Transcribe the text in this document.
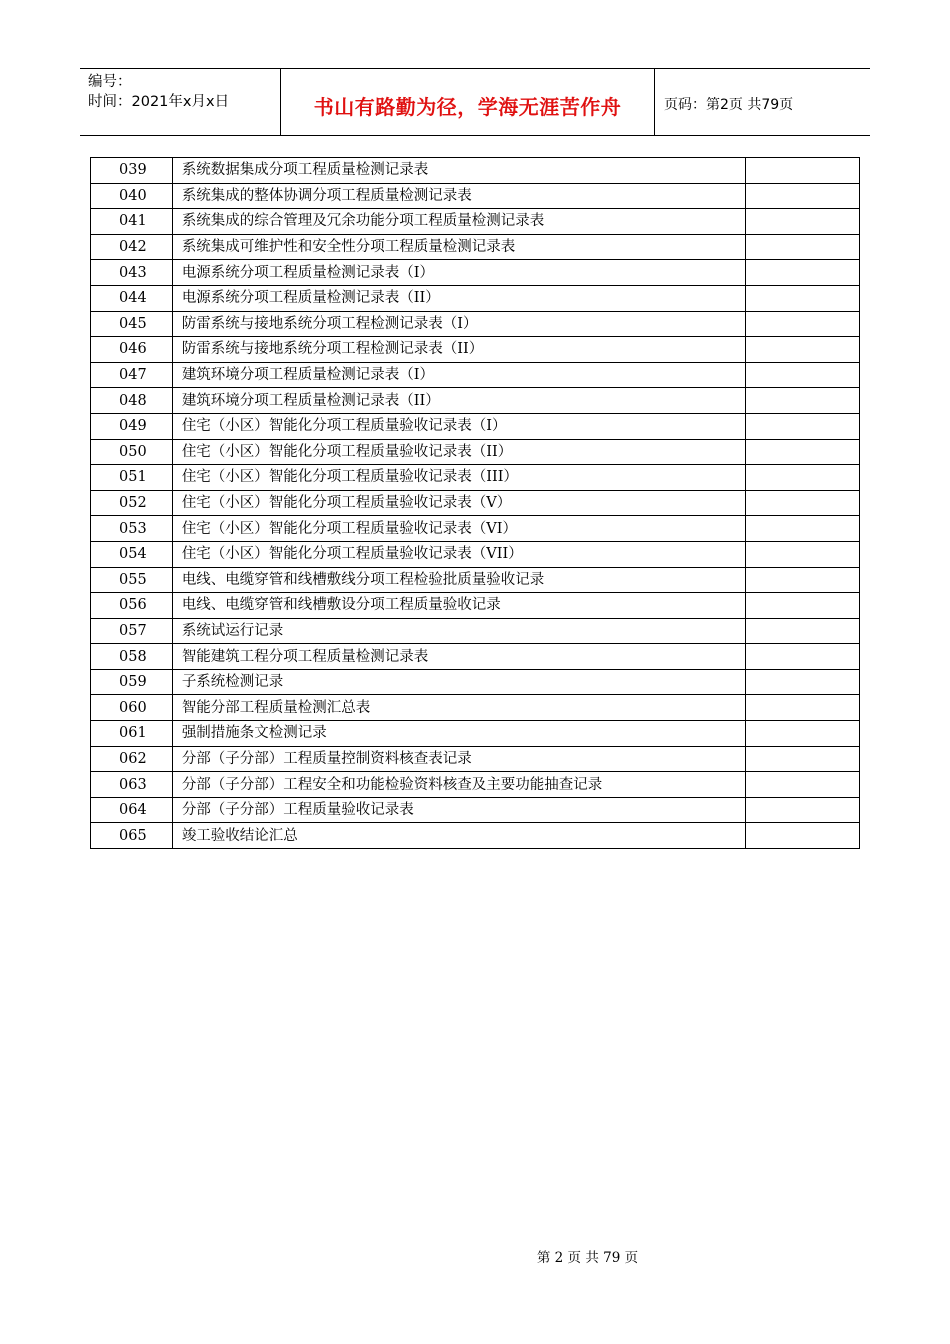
编号：
时间：2021年x月x日	书山有路勤为径，学海无涯苦作舟	页码：第2页 共79页
039	系统数据集成分项工程质量检测记录表	
040	系统集成的整体协调分项工程质量检测记录表	
041	系统集成的综合管理及冗余功能分项工程质量检测记录表	
042	系统集成可维护性和安全性分项工程质量检测记录表	
043	电源系统分项工程质量检测记录表（I）	
044	电源系统分项工程质量检测记录表（II）	
045	防雷系统与接地系统分项工程检测记录表（I）	
046	防雷系统与接地系统分项工程检测记录表（II）	
047	建筑环境分项工程质量检测记录表（I）	
048	建筑环境分项工程质量检测记录表（II）	
049	住宅（小区）智能化分项工程质量验收记录表（I）	
050	住宅（小区）智能化分项工程质量验收记录表（II）	
051	住宅（小区）智能化分项工程质量验收记录表（III）	
052	住宅（小区）智能化分项工程质量验收记录表（V）	
053	住宅（小区）智能化分项工程质量验收记录表（VI）	
054	住宅（小区）智能化分项工程质量验收记录表（VII）	
055	电线、电缆穿管和线槽敷线分项工程检验批质量验收记录	
056	电线、电缆穿管和线槽敷设分项工程质量验收记录	
057	系统试运行记录	
058	智能建筑工程分项工程质量检测记录表	
059	子系统检测记录	
060	智能分部工程质量检测汇总表	
061	强制措施条文检测记录	
062	分部（子分部）工程质量控制资料核查表记录	
063	分部（子分部）工程安全和功能检验资料核查及主要功能抽查记录	
064	分部（子分部）工程质量验收记录表	
065	竣工验收结论汇总	
第 2 页 共 79 页
